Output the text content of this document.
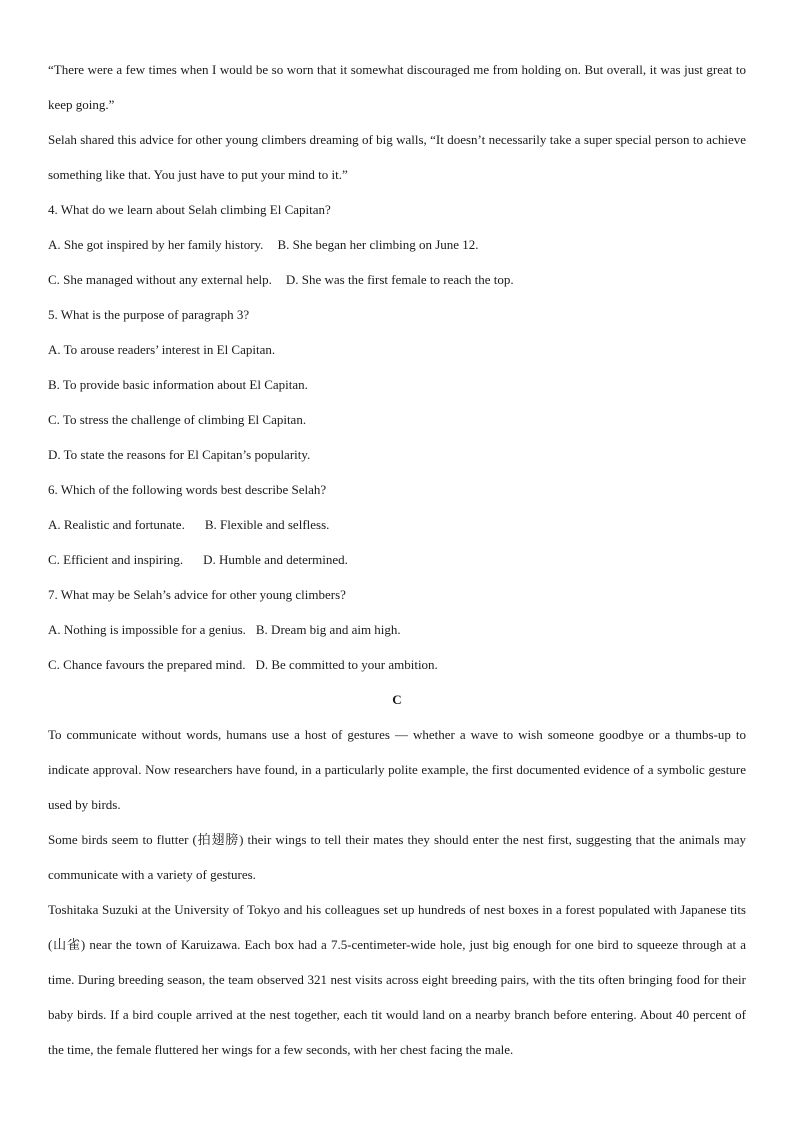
“There were a few times when I would be so worn that it somewhat discouraged me from holding on. But overall, it was just great to keep going.”

Selah shared this advice for other young climbers dreaming of big walls, “It doesn’t necessarily take a super special person to achieve something like that. You just have to put your mind to it.”

4. What do we learn about Selah climbing El Capitan?

A. She got inspired by her family history. B. She began her climbing on June 12.

C. She managed without any external help. D. She was the first female to reach the top.

5. What is the purpose of paragraph 3?

A. To arouse readers’ interest in El Capitan.

B. To provide basic information about El Capitan.

C. To stress the challenge of climbing El Capitan.

D. To state the reasons for El Capitan’s popularity.

6. Which of the following words best describe Selah?

A. Realistic and fortunate. B. Flexible and selfless.

C. Efficient and inspiring. D. Humble and determined.

7. What may be Selah’s advice for other young climbers?

A. Nothing is impossible for a genius. B. Dream big and aim high.

C. Chance favours the prepared mind. D. Be committed to your ambition.

C

To communicate without words, humans use a host of gestures — whether a wave to wish someone goodbye or a thumbs-up to indicate approval. Now researchers have found, in a particularly polite example, the first documented evidence of a symbolic gesture used by birds.

Some birds seem to flutter (拍翅膀) their wings to tell their mates they should enter the nest first, suggesting that the animals may communicate with a variety of gestures.

Toshitaka Suzuki at the University of Tokyo and his colleagues set up hundreds of nest boxes in a forest populated with Japanese tits (山雀) near the town of Karuizawa. Each box had a 7.5-centimeter-wide hole, just big enough for one bird to squeeze through at a time. During breeding season, the team observed 321 nest visits across eight breeding pairs, with the tits often bringing food for their baby birds. If a bird couple arrived at the nest together, each tit would land on a nearby branch before entering. About 40 percent of the time, the female fluttered her wings for a few seconds, with her chest facing the male.
